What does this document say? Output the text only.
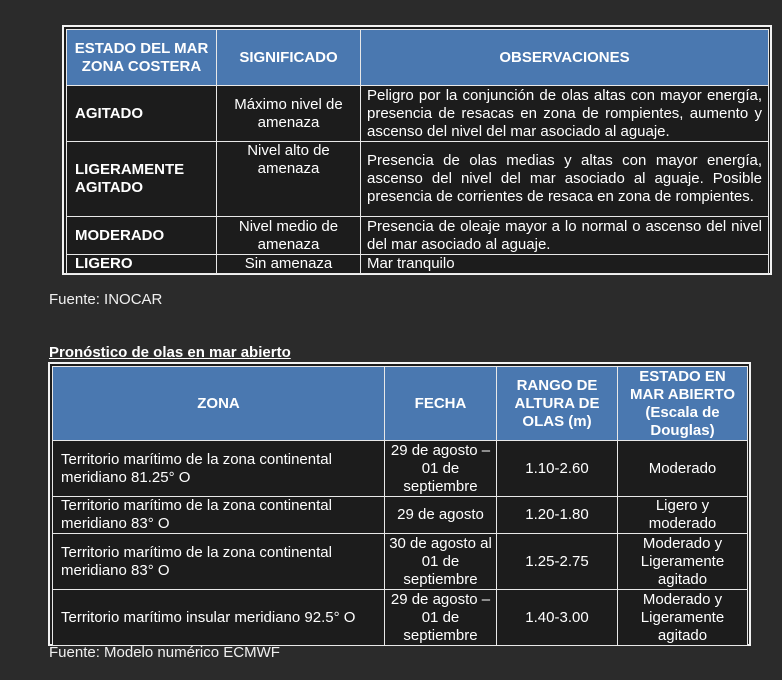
ESTADO DEL MAR ZONA COSTERA	SIGNIFICADO	OBSERVACIONES
AGITADO	Máximo nivel de amenaza	Peligro por la conjunción de olas altas con mayor energía, presencia de resacas en zona de rompientes, aumento y ascenso del nivel del mar asociado al aguaje.
LIGERAMENTE AGITADO	Nivel alto de amenaza	Presencia de olas medias y altas con mayor energía, ascenso del nivel del mar asociado al aguaje. Posible presencia de corrientes de resaca en zona de rompientes.
MODERADO	Nivel medio de amenaza	Presencia de oleaje mayor a lo normal o ascenso del nivel del mar asociado al aguaje.
LIGERO	Sin amenaza	Mar tranquilo
Fuente: INOCAR
Pronóstico de olas en mar abierto
ZONA	FECHA	RANGO DE ALTURA DE OLAS (m)	ESTADO EN MAR ABIERTO (Escala de Douglas)
Territorio marítimo de la zona continental meridiano 81.25° O	29 de agosto – 01 de septiembre	1.10-2.60	Moderado
Territorio marítimo de la zona continental meridiano 83° O	29 de agosto	1.20-1.80	Ligero y moderado
Territorio marítimo de la zona continental meridiano 83° O	30 de agosto al 01 de septiembre	1.25-2.75	Moderado y Ligeramente agitado
Territorio marítimo insular meridiano 92.5° O	29 de agosto – 01 de septiembre	1.40-3.00	Moderado y Ligeramente agitado
Fuente: Modelo numérico ECMWF
